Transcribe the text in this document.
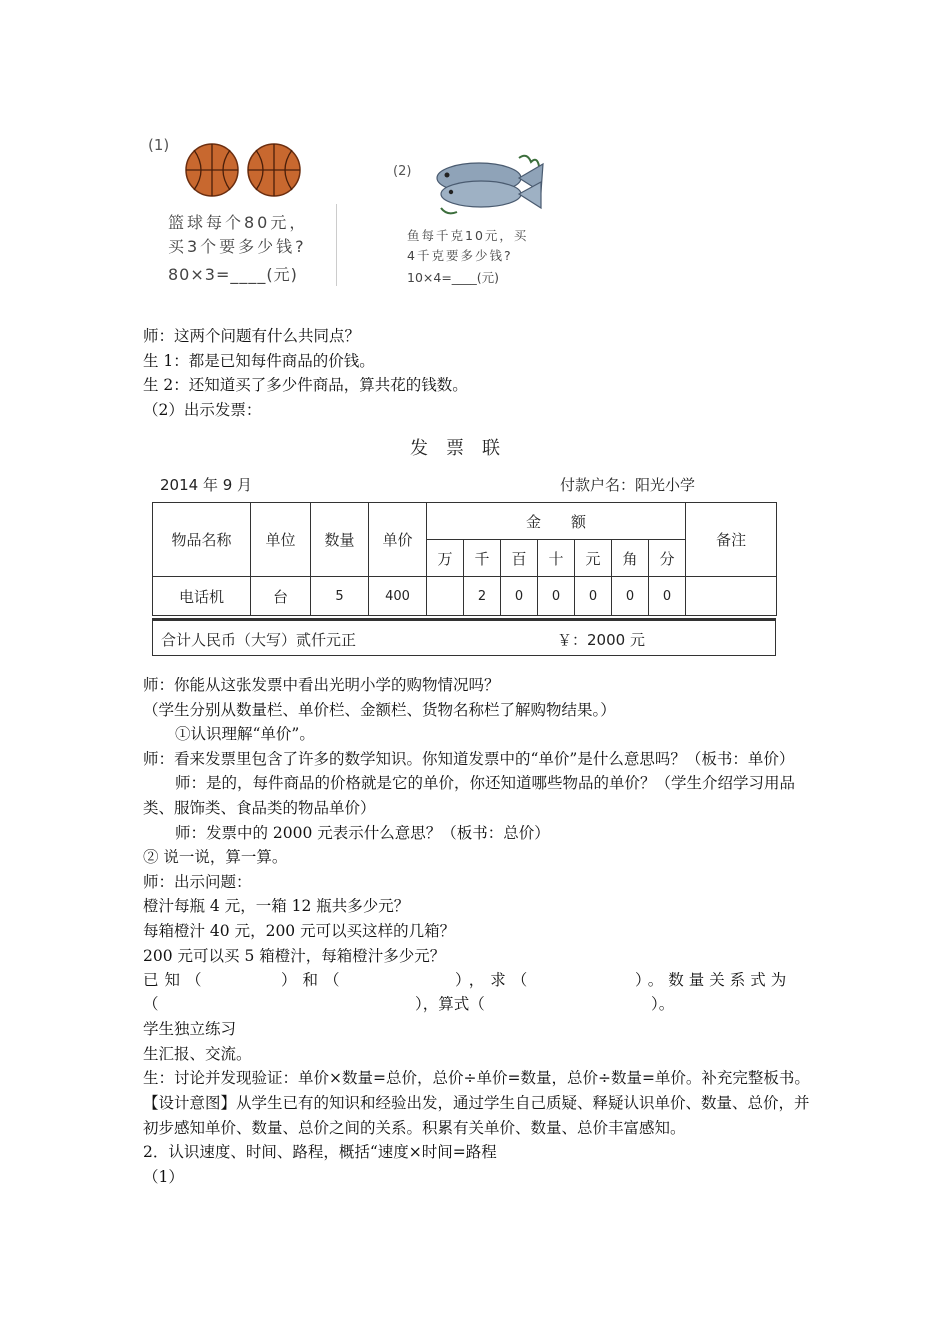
(1)
篮球每个80元，
买3个要多少钱?
80×3=____(元)
(2)
鱼每千克10元，买
4千克要多少钱?
10×4=____(元)

师：这两个问题有什么共同点？

生 1：都是已知每件商品的价钱。

生 2：还知道买了多少件商品，算共花的钱数。

（2）出示发票：

发票联
2014 年 9 月	付款户名：阳光小学
物品名称	单位	数量	单价	金　　额							备注
				万	千	百	十	元	角	分	
电话机	台	5	400		2	0	0	0	0	0	
合计人民币（大写）贰仟元正	￥：2000 元

师：你能从这张发票中看出光明小学的购物情况吗？

（学生分别从数量栏、单价栏、金额栏、货物名称栏了解购物结果。）

①认识理解“单价”。

师：看来发票里包含了许多的数学知识。你知道发票中的“单价”是什么意思吗？（板书：单价）

师：是的，每件商品的价格就是它的单价，你还知道哪些物品的单价？（学生介绍学习用品类、服饰类、食品类的物品单价）

师：发票中的 2000 元表示什么意思？（板书：总价）

② 说一说，算一算。

师：出示问题：

橙汁每瓶 4 元，一箱 12 瓶共多少元？

每箱橙汁 40 元，200 元可以买这样的几箱？

200 元可以买 5 箱橙汁，每箱橙汁多少元？

已知（	）和（	），求（	）。数量关系式为
（	），算式（	）。

学生独立练习

生汇报、交流。

生：讨论并发现验证：单价×数量=总价，总价÷单价=数量，总价÷数量=单价。补充完整板书。

【设计意图】从学生已有的知识和经验出发，通过学生自己质疑、释疑认识单价、数量、总价，并初步感知单价、数量、总价之间的关系。积累有关单价、数量、总价丰富感知。

2．认识速度、时间、路程，概括“速度×时间=路程

（1）
